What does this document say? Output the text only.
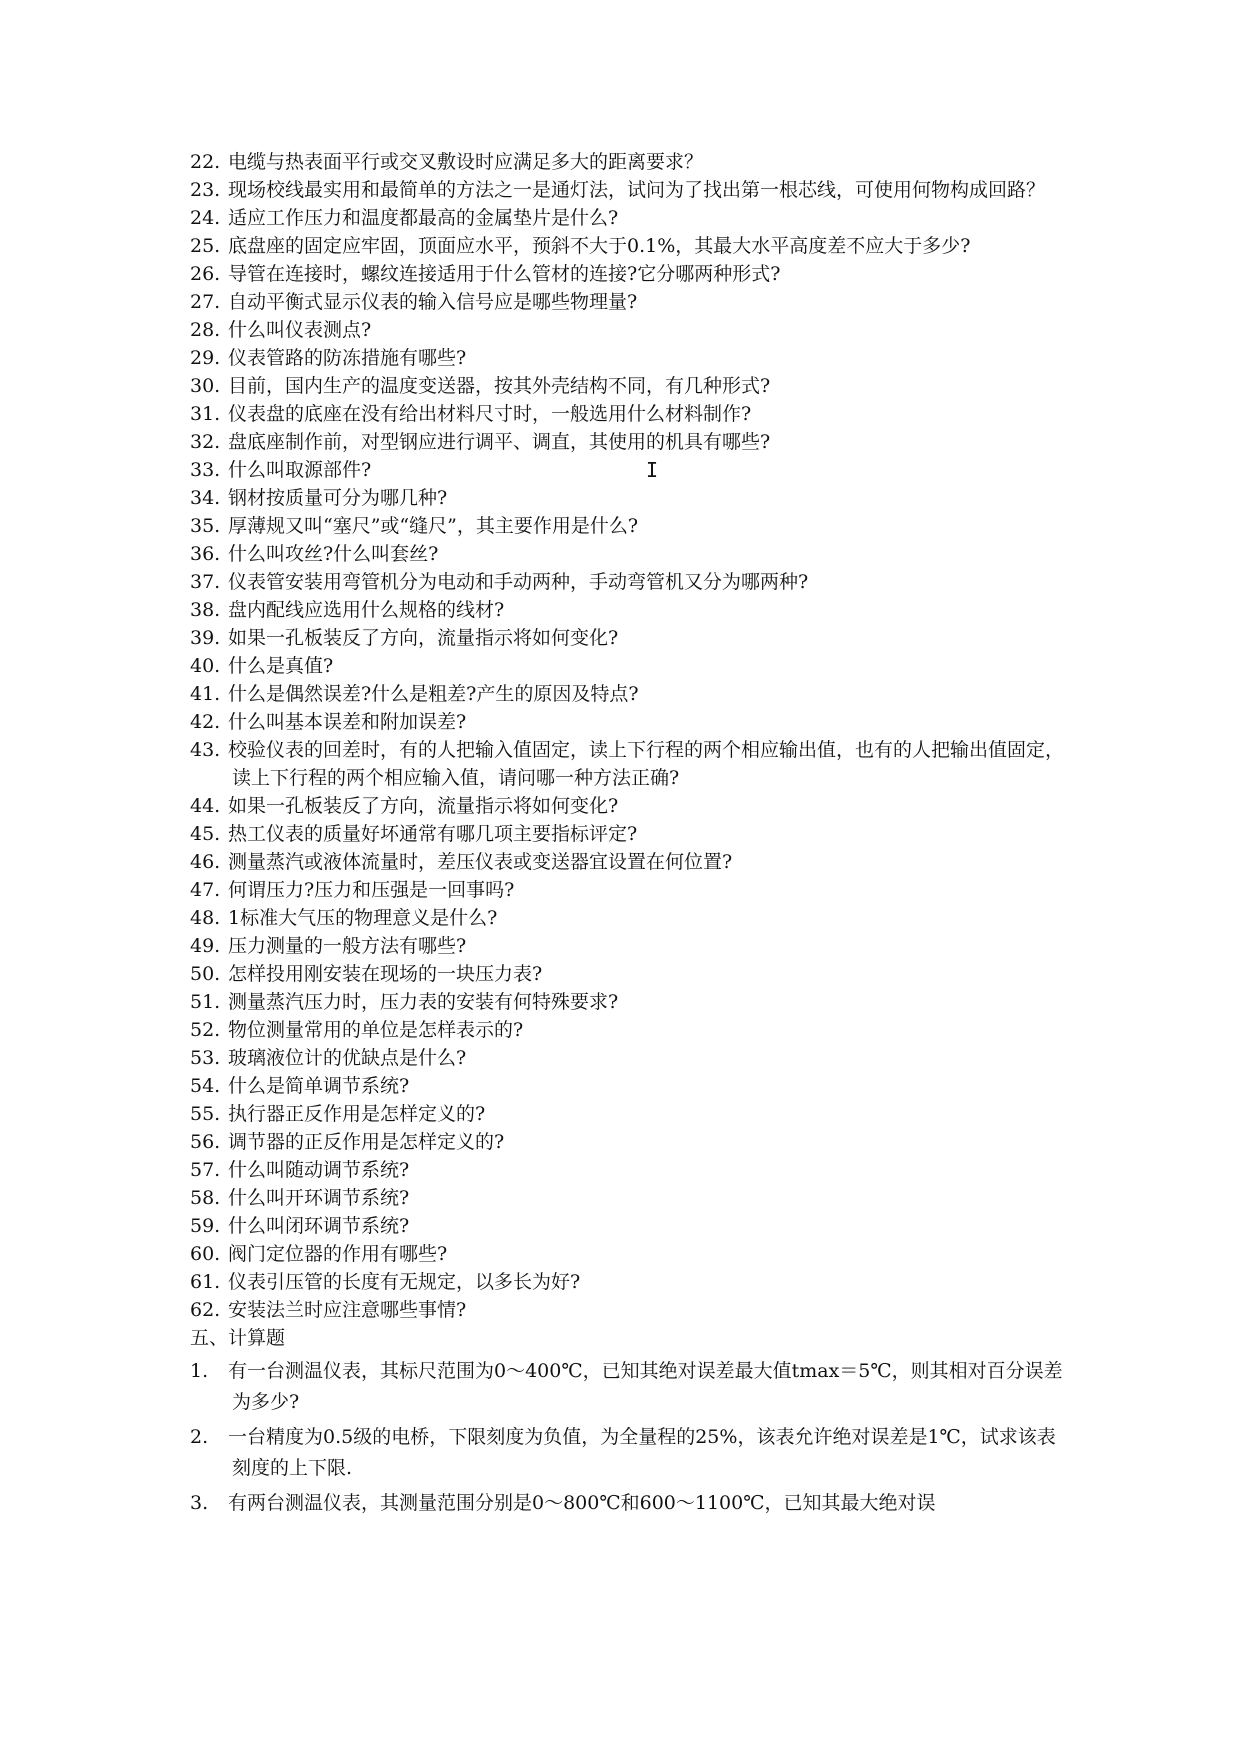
22. 电缆与热表面平行或交叉敷设时应满足多大的距离要求？
23. 现场校线最实用和最简单的方法之一是通灯法，试问为了找出第一根芯线，可使用何物构成回路？
24. 适应工作压力和温度都最高的金属垫片是什么?
25. 底盘座的固定应牢固，顶面应水平，预斜不大于0.1%，其最大水平高度差不应大于多少?
26. 导管在连接时，螺纹连接适用于什么管材的连接?它分哪两种形式?
27. 自动平衡式显示仪表的输入信号应是哪些物理量?
28. 什么叫仪表测点?
29. 仪表管路的防冻措施有哪些?
30. 目前，国内生产的温度变送器，按其外壳结构不同，有几种形式?
31. 仪表盘的底座在没有给出材料尺寸时，一般选用什么材料制作?
32. 盘底座制作前，对型钢应进行调平、调直，其使用的机具有哪些?
33. 什么叫取源部件?	I
34. 钢材按质量可分为哪几种?
35. 厚薄规又叫“塞尺”或“缝尺”，其主要作用是什么?
36. 什么叫攻丝?什么叫套丝?
37. 仪表管安装用弯管机分为电动和手动两种，手动弯管机又分为哪两种?
38. 盘内配线应选用什么规格的线材?
39. 如果一孔板装反了方向，流量指示将如何变化?
40. 什么是真值?
41. 什么是偶然误差?什么是粗差?产生的原因及特点?
42. 什么叫基本误差和附加误差?
43. 校验仪表的回差时，有的人把输入值固定，读上下行程的两个相应输出值，也有的人把输出值固定，读上下行程的两个相应输入值，请问哪一种方法正确?
44. 如果一孔板装反了方向，流量指示将如何变化?
45. 热工仪表的质量好坏通常有哪几项主要指标评定?
46. 测量蒸汽或液体流量时，差压仪表或变送器宜设置在何位置?
47. 何谓压力?压力和压强是一回事吗?
48. 1标准大气压的物理意义是什么?
49. 压力测量的一般方法有哪些?
50. 怎样投用刚安装在现场的一块压力表?
51. 测量蒸汽压力时，压力表的安装有何特殊要求?
52. 物位测量常用的单位是怎样表示的?
53. 玻璃液位计的优缺点是什么?
54. 什么是简单调节系统?
55. 执行器正反作用是怎样定义的?
56. 调节器的正反作用是怎样定义的?
57. 什么叫随动调节系统?
58. 什么叫开环调节系统?
59. 什么叫闭环调节系统?
60. 阀门定位器的作用有哪些?
61. 仪表引压管的长度有无规定，以多长为好?
62. 安装法兰时应注意哪些事情?
五、计算题
1. 有一台测温仪表，其标尺范围为0～400℃，已知其绝对误差最大值tmax＝5℃，则其相对百分误差为多少?
2. 一台精度为0.5级的电桥，下限刻度为负值，为全量程的25%，该表允许绝对误差是1℃，试求该表刻度的上下限.
3. 有两台测温仪表，其测量范围分别是0～800℃和600～1100℃，已知其最大绝对误
